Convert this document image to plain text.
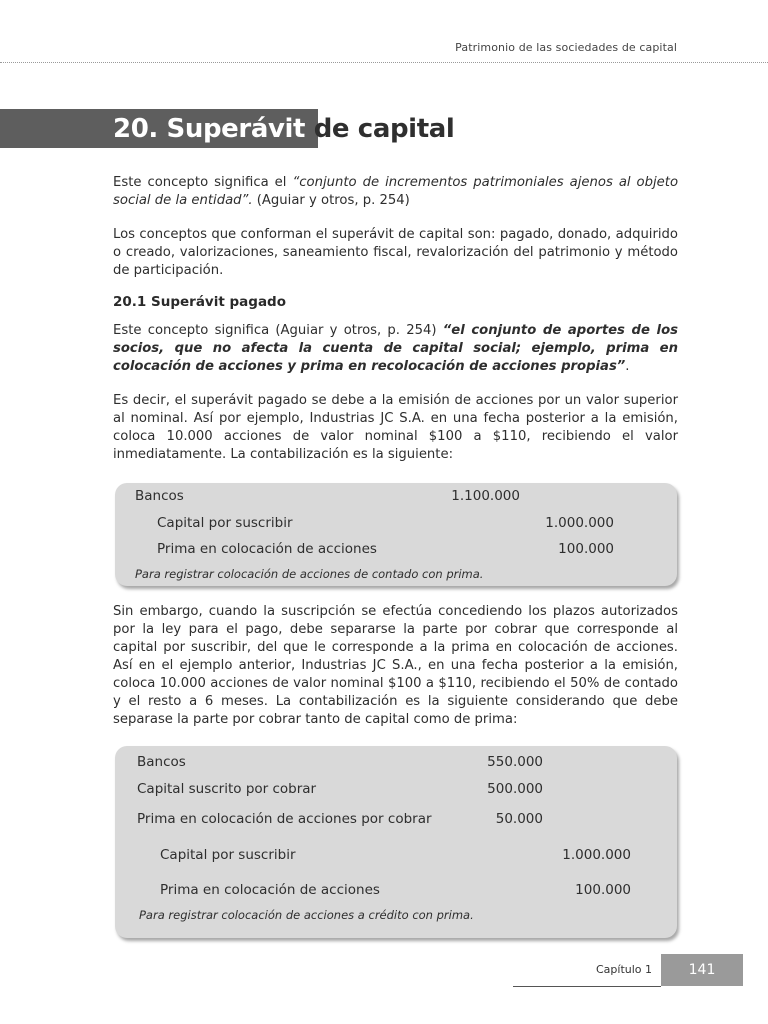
Patrimonio de las sociedades de capital
20. Superávit de capital
Este concepto significa el “conjunto de incrementos patrimoniales ajenos al objeto social de la entidad”. (Aguiar y otros, p. 254)
Los conceptos que conforman el superávit de capital son: pagado, donado, adquirido o creado, valorizaciones, saneamiento fiscal, revalorización del patrimonio y método de participación.
20.1 Superávit pagado
Este concepto significa (Aguiar y otros, p. 254) “el conjunto de aportes de los socios, que no afecta la cuenta de capital social; ejemplo, prima en colocación de acciones y prima en recolocación de acciones propias”.
Es decir, el superávit pagado se debe a la emisión de acciones por un valor superior al nominal. Así por ejemplo, Industrias JC S.A. en una fecha posterior a la emisión, coloca 10.000 acciones de valor nominal $100 a $110, recibiendo el valor inmediatamente. La contabilización es la siguiente:
Bancos	1.100.000
Capital por suscribir	1.000.000
Prima en colocación de acciones	100.000
Para registrar colocación de acciones de contado con prima.
Sin embargo, cuando la suscripción se efectúa concediendo los plazos autorizados por la ley para el pago, debe separarse la parte por cobrar que corresponde al capital por suscribir, del que le corresponde a la prima en colocación de acciones. Así en el ejemplo anterior, Industrias JC S.A., en una fecha posterior a la emisión, coloca 10.000 acciones de valor nominal $100 a $110, recibiendo el 50% de contado y el resto a 6 meses. La contabilización es la siguiente considerando que debe separase la parte por cobrar tanto de capital como de prima:
Bancos	550.000
Capital suscrito por cobrar	500.000
Prima en colocación de acciones por cobrar	50.000
Capital por suscribir	1.000.000
Prima en colocación de acciones	100.000
Para registrar colocación de acciones a crédito con prima.
Capítulo 1	141
